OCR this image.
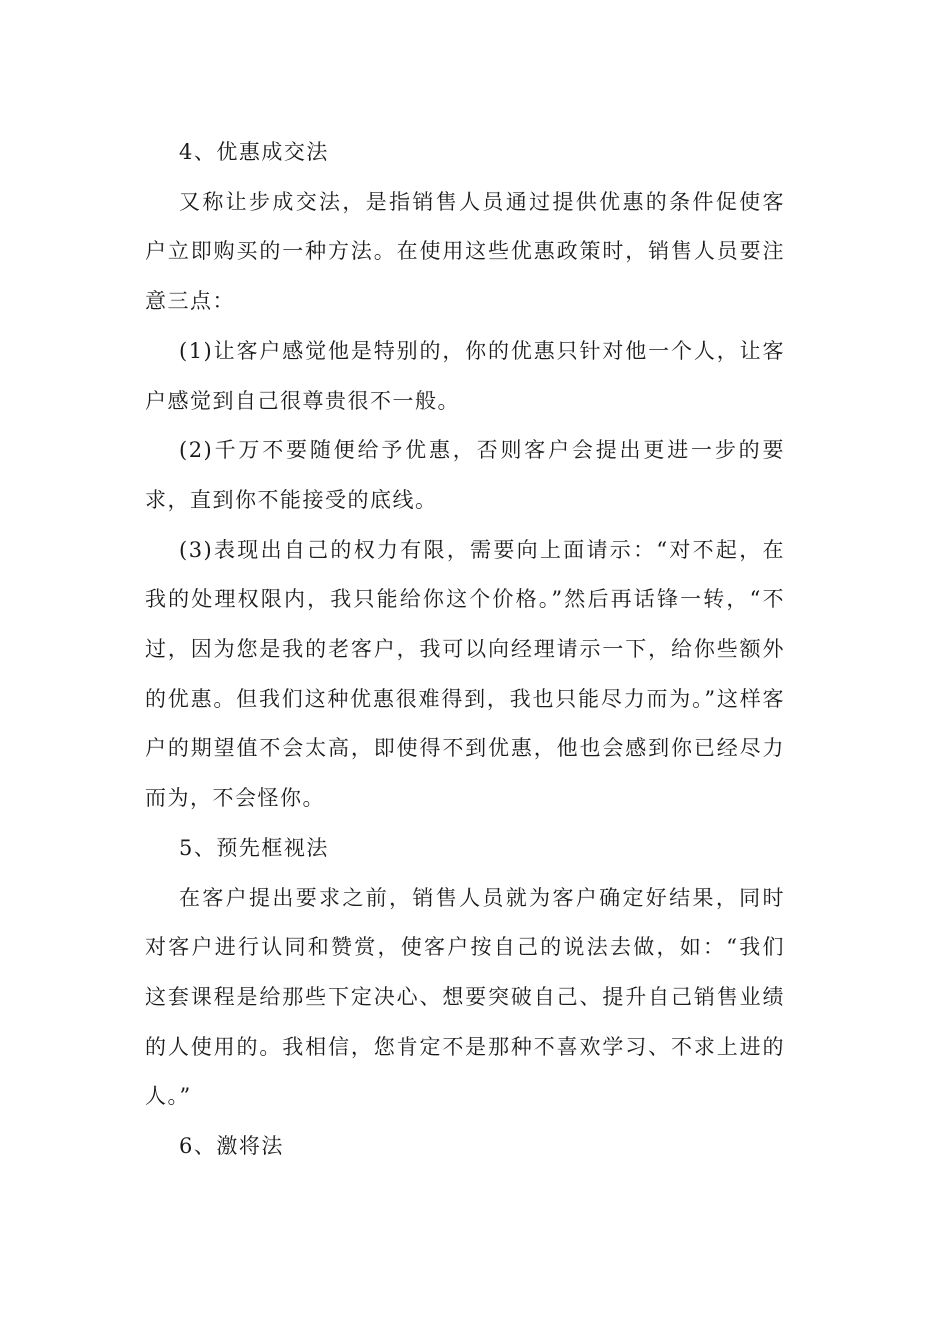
4、优惠成交法

又称让步成交法，是指销售人员通过提供优惠的条件促使客户立即购买的一种方法。在使用这些优惠政策时，销售人员要注意三点：

(1)让客户感觉他是特别的，你的优惠只针对他一个人，让客户感觉到自己很尊贵很不一般。

(2)千万不要随便给予优惠，否则客户会提出更进一步的要求，直到你不能接受的底线。

(3)表现出自己的权力有限，需要向上面请示：“对不起，在我的处理权限内，我只能给你这个价格。”然后再话锋一转，“不过，因为您是我的老客户，我可以向经理请示一下，给你些额外的优惠。但我们这种优惠很难得到，我也只能尽力而为。”这样客户的期望值不会太高，即使得不到优惠，他也会感到你已经尽力而为，不会怪你。

5、预先框视法

在客户提出要求之前，销售人员就为客户确定好结果，同时对客户进行认同和赞赏，使客户按自己的说法去做，如：“我们这套课程是给那些下定决心、想要突破自己、提升自己销售业绩的人使用的。我相信，您肯定不是那种不喜欢学习、不求上进的人。”

6、激将法
